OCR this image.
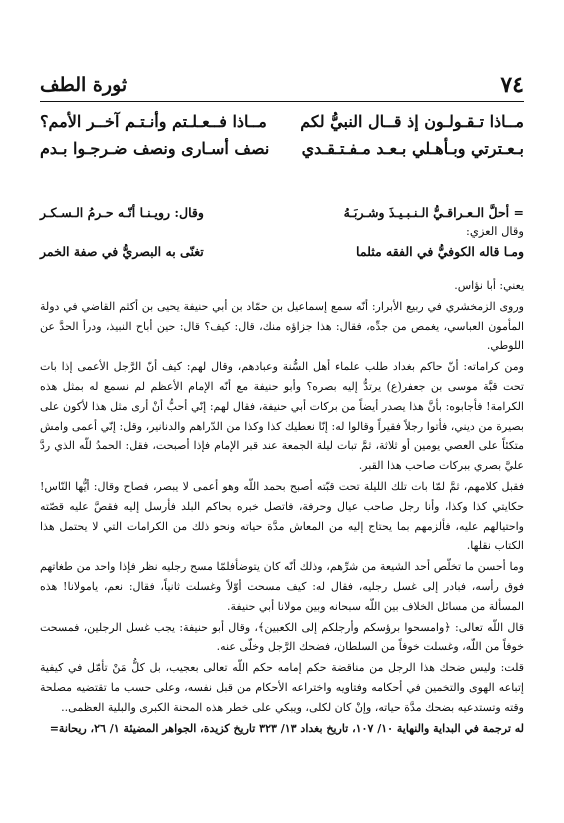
٧٤
ثورة الطف
مــاذا تـقـولـون إذ قــال النبيُّ لكم
مــاذا فــعـلـتم وأنـتـم آخــر الأمم؟
بـعـترتي وبـأهـلي بـعـد مـفـتـقـدي
نصف أسـارى ونصف ضـرجـوا بـدم
= أحلَّ الـعـراقـيُّ الـنـبـيـذَ وشـربَـهُ
وقال: رويـنـا أنّـه حـرمُ الـسـكـر
وقال العزي:
ومـا قاله الكوفيُّ في الفقه مثلما
تغنّى به البصريُّ في صفة الخمر

يعني: أبا نؤاس.

وروى الزمخشري في ربيع الأبرار: أنّه سمع إسماعيل بن حمّاد بن أبي حنيفة يحيى بن أكثم القاضي في دولة المأمون العباسي، يغمص من جدِّه، فقال: هذا جزاؤه منك، قال: كيف؟ قال: حين أباح النبيذ، ودرأ الحدَّ عن اللوطي.

ومن كراماته: أنّ حاكم بغداد طلب علماء أهل السُّنة وعبادهم، وقال لهم: كيف أنّ الرَّجل الأعمى إذا بات تحت قبَّة موسى بن جعفر(ع) يرتدُّ إليه بصره؟ وأبو حنيفة مع أنّه الإمام الأعظم لم نسمع له بمثل هذه الكرامة! فأجابوه: بأنَّ هذا يصدر أيضاً من بركات أبي حنيفة، فقال لهم: إنّي أحبُّ أنْ أرى مثل هذا لأكون على بصيرة من ديني، فأتوا رجلاً فقيراً وقالوا له: إنّا نعطيك كذا وكذا من الدّراهم والدنانير، وقل: إنّي أعمى وامش متكئاً على العصي يومين أو ثلاثة، ثمَّ تبات ليلة الجمعة عند قبر الإمام فإذا أصبحت، فقل: الحمدُ للّه الذي ردَّ عليَّ بصري ببركات صاحب هذا القبر.

فقبل كلامهم، ثمَّ لمّا بات تلك الليلة تحت قبّته أصبح بحمد اللّه وهو أعمى لا يبصر، فصاح وقال: أيُّها النّاس! حكايتي كذا وكذا، وأنا رجل صاحب عيال وحرفة، فاتصل خبره بحاكم البلد فأرسل إليه فقصَّ عليه قصّته واحتيالهم عليه، فألزمهم بما يحتاج إليه من المعاش مدَّة حياته ونحو ذلك من الكرامات التي لا يحتمل هذا الكتاب نقلها.

وما أحسن ما تخلّص أحد الشيعة من شرِّهم، وذلك أنّه كان يتوضأفلمّا مسح رجليه نظر فإذا واحد من طغاتهم فوق رأسه، فبادر إلى غسل رجليه، فقال له: كيف مسحت أوّلاً وغسلت ثانياً، فقال: نعم، يامولانا! هذه المسألة من مسائل الخلاف بين اللّه سبحانه وبين مولانا أبي حنيفة.

قال اللّه تعالى: ﴿وامسحوا برؤسكم وأرجلكم إلى الكعبين﴾، وقال أبو حنيفة: يجب غسل الرجلين، فمسحت خوفاً من اللّه، وغسلت خوفاً من السلطان، فضحك الرَّجل وخلّى عنه.

قلت: وليس ضحك هذا الرجل من مناقضة حكم إمامه حكم اللّه تعالى بعجيب، بل كلُّ مَنْ تأمّل في كيفية إتباعه الهوى والتخمين في أحكامه وفتاويه واختراعه الأحكام من قبل نفسه، وعلى حسب ما تقتضيه مصلحة وقته وتستدعيه بضحك مدَّة حياته، وإنْ كان لكلى، ويبكي على خطر هذه المحنة الكبرى والبلية العظمى..

له ترجمة في البداية والنهاية ١٠/ ١٠٧، تاريخ بغداد ١٣/ ٣٢٣ تاريخ كزيدة، الجواهر المضيئة ١/ ٢٦، ريحانة=
